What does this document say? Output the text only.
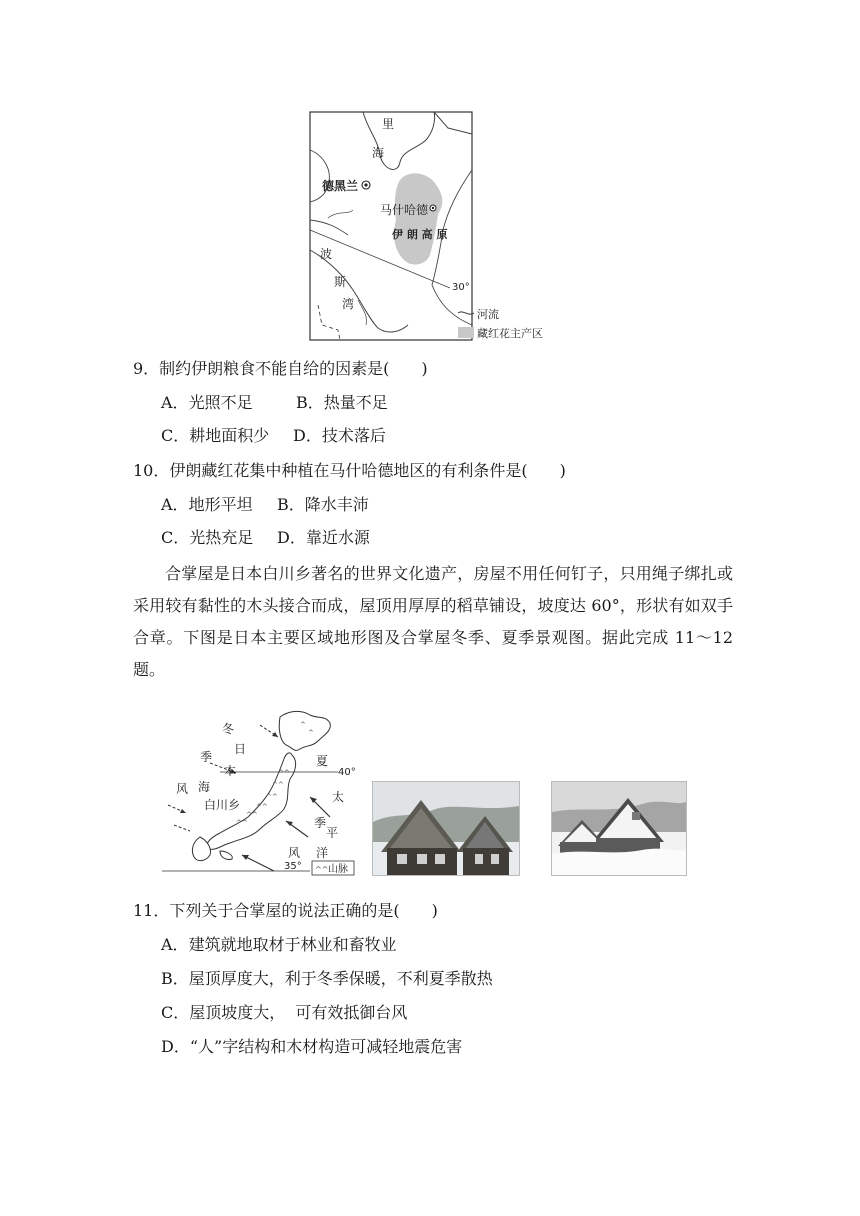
里
海
德黑兰
马什哈德
伊 朗 高 原
波
斯
湾
30°
河流
藏红花主产区
9．制约伊朗粮食不能自给的因素是(　　)
A．光照不足	B．热量不足
C．耕地面积少 D．技术落后
10．伊朗藏红花集中种植在马什哈德地区的有利条件是(　　)
A．地形平坦 B．降水丰沛
C．光热充足 D．靠近水源
合掌屋是日本白川乡著名的世界文化遗产，房屋不用任何钉子，只用绳子绑扎或采用较有黏性的木头接合而成，屋顶用厚厚的稻草铺设，坡度达 60°，形状有如双手合章。下图是日本主要区域地形图及合掌屋冬季、夏季景观图。据此完成 11～12 题。
^^
^^
^^
^^
^^
^^
^
^
冬
日
季
本
风 海
白川乡
夏
太
季
平
风 洋
40°
35° ^^ 山脉
11．下列关于合掌屋的说法正确的是(　　)
A．建筑就地取材于林业和畜牧业
B．屋顶厚度大，利于冬季保暖，不利夏季散热
C．屋顶坡度大，  可有效抵御台风
D．“人”字结构和木材构造可减轻地震危害
